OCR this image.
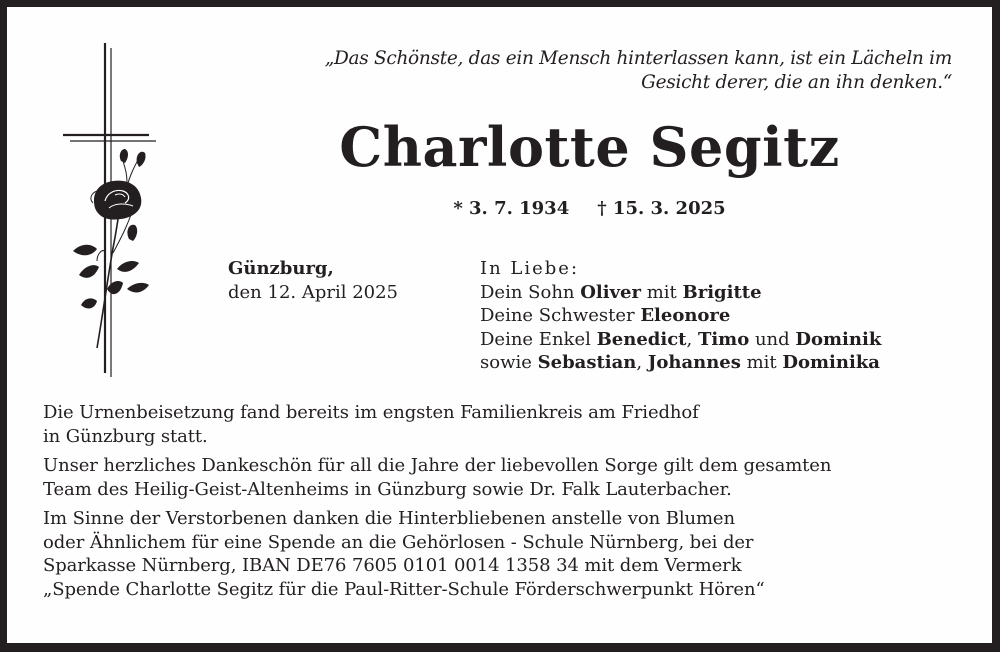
„Das Schönste, das ein Mensch hinterlassen kann, ist ein Lächeln im
Gesicht derer, die an ihn denken.“
Charlotte Segitz
* 3. 7. 1934 † 15. 3. 2025
Günzburg,
den 12. April 2025
In Liebe:
Dein Sohn Oliver mit Brigitte
Deine Schwester Eleonore
Deine Enkel Benedict, Timo und Dominik
sowie Sebastian, Johannes mit Dominika

Die Urnenbeisetzung fand bereits im engsten Familienkreis am Friedhof
in Günzburg statt.

Unser herzliches Dankeschön für all die Jahre der liebevollen Sorge gilt dem gesamten
Team des Heilig-Geist-Altenheims in Günzburg sowie Dr. Falk Lauterbacher.

Im Sinne der Verstorbenen danken die Hinterbliebenen anstelle von Blumen
oder Ähnlichem für eine Spende an die Gehörlosen - Schule Nürnberg, bei der
Sparkasse Nürnberg, IBAN DE76 7605 0101 0014 1358 34 mit dem Vermerk
„Spende Charlotte Segitz für die Paul-Ritter-Schule Förderschwerpunkt Hören“
